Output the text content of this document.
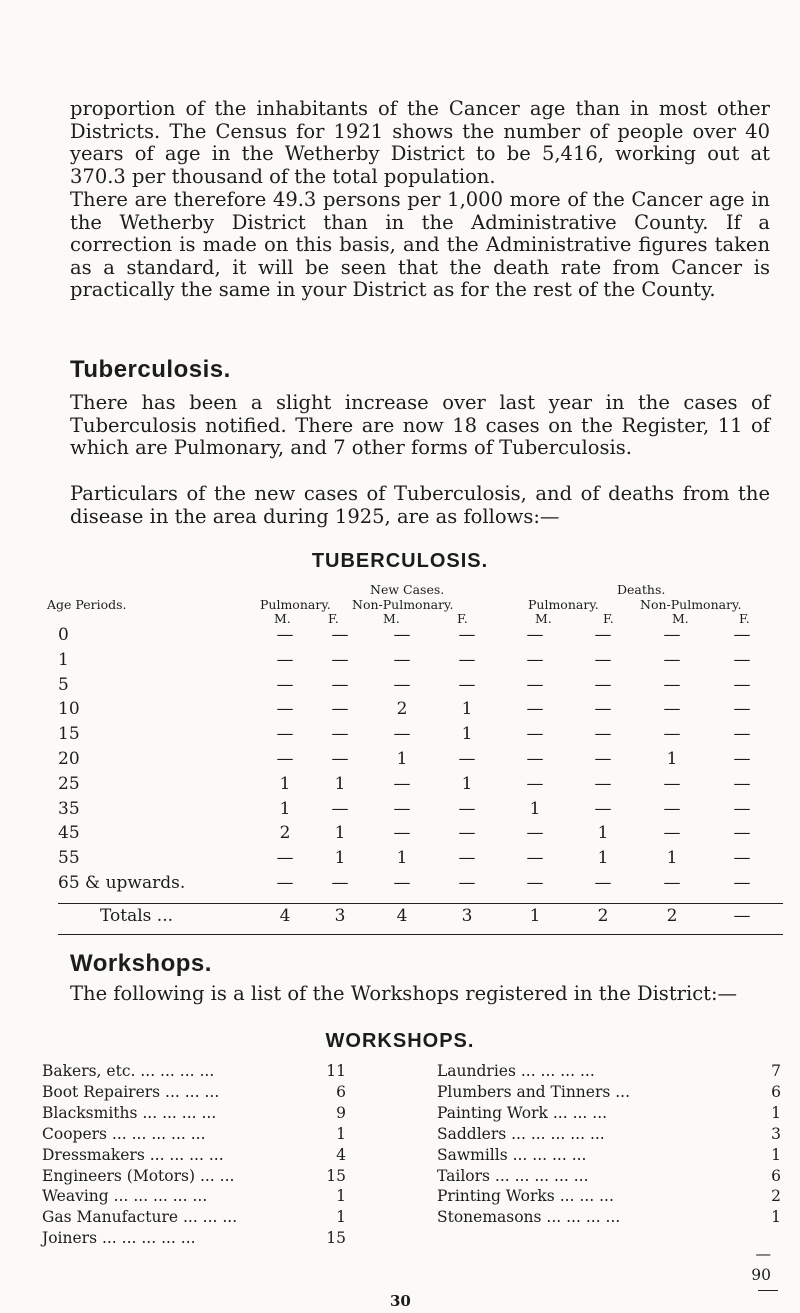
proportion of the inhabitants of the Cancer age than in most other Districts. The Census for 1921 shows the number of people over 40 years of age in the Wetherby District to be 5,416, working out at 370.3 per thousand of the total population.

There are therefore 49.3 persons per 1,000 more of the Cancer age in the Wetherby District than in the Administrative County. If a correction is made on this basis, and the Administrative figures taken as a standard, it will be seen that the death rate from Cancer is practically the same in your District as for the rest of the County.

Tuberculosis.

There has been a slight increase over last year in the cases of Tuberculosis notified. There are now 18 cases on the Register, 11 of which are Pulmonary, and 7 other forms of Tuberculosis.

Particulars of the new cases of Tuberculosis, and of deaths from the disease in the area during 1925, are as follows:—

TUBERCULOSIS.
New Cases.	Deaths.
Age Periods.	Pulmonary. Non-Pulmonary.	Pulmonary.	Non-Pulmonary.
M.	F.	M.	F.	M.	F.	M.	F.
0	—	—	—	—	—	—	—	—
1	—	—	—	—	—	—	—	—
5	—	—	—	—	—	—	—	—
10	—	—	2	1	—	—	—	—
15	—	—	—	1	—	—	—	—
20	—	—	1	—	—	—	1	—
25	1	1	—	1	—	—	—	—
35	1	—	—	—	1	—	—	—
45	2	1	—	—	—	1	—	—
55	—	1	1	—	—	1	1	—
65 & upwards.	—	—	—	—	—	—	—	—
Totals ...	4	3	4	3	1	2	2	—
Workshops.

The following is a list of the Workshops registered in the District:—

WORKSHOPS.
Bakers, etc. ... ... ... ...	11
Boot Repairers ... ... ...	6
Blacksmiths ... ... ... ...	9
Coopers ... ... ... ... ...	1
Dressmakers ... ... ... ...	4
Engineers (Motors) ... ...	15
Weaving ... ... ... ... ...	1
Gas Manufacture ... ... ...	1
Joiners ... ... ... ... ...	15
Laundries ... ... ... ...	7
Plumbers and Tinners ...	6
Painting Work ... ... ...	1
Saddlers ... ... ... ... ...	3
Sawmills ... ... ... ...	1
Tailors ... ... ... ... ...	6
Printing Works ... ... ...	2
Stonemasons ... ... ... ...	1
—
90
30
